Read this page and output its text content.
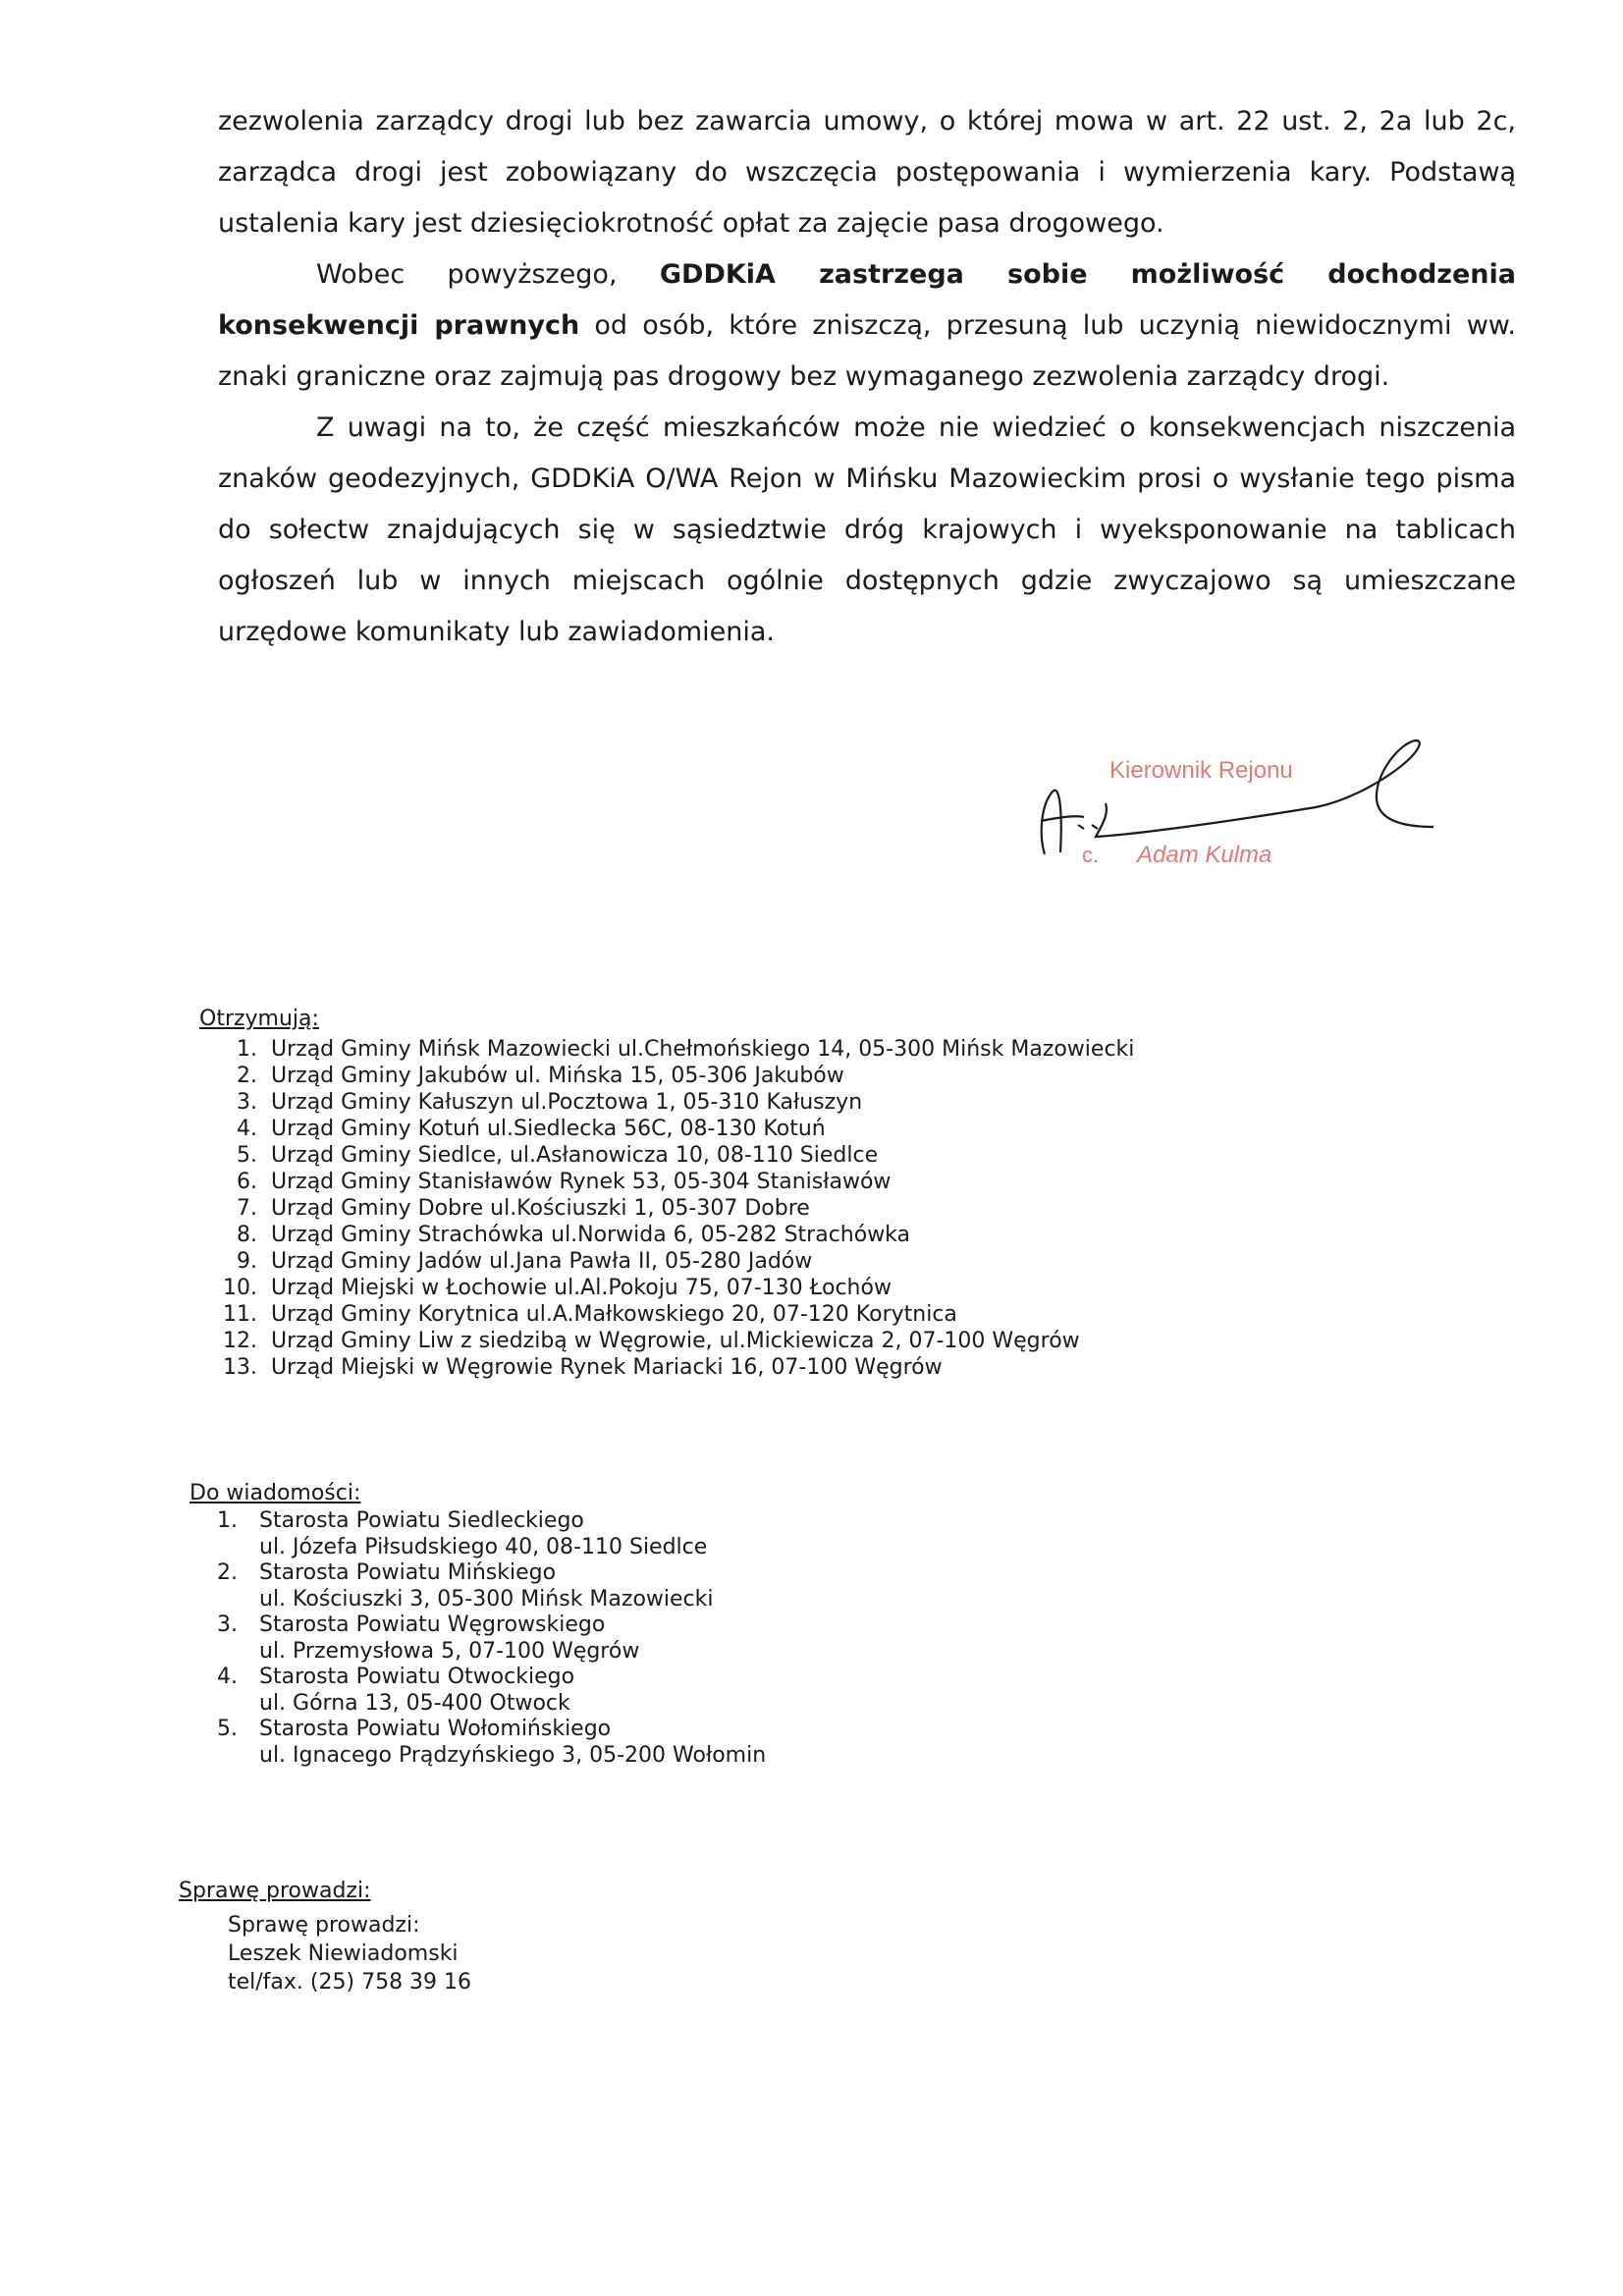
zezwolenia zarządcy drogi lub bez zawarcia umowy, o której mowa w art. 22 ust. 2, 2a lub 2c, zarządca drogi jest zobowiązany do wszczęcia postępowania i wymierzenia kary. Podstawą ustalenia kary jest dziesięciokrotność opłat za zajęcie pasa drogowego.

Wobec powyższego, GDDKiA zastrzega sobie możliwość dochodzenia konsekwencji prawnych od osób, które zniszczą, przesuną lub uczynią niewidocznymi ww. znaki graniczne oraz zajmują pas drogowy bez wymaganego zezwolenia zarządcy drogi.

Z uwagi na to, że część mieszkańców może nie wiedzieć o konsekwencjach niszczenia znaków geodezyjnych, GDDKiA O/WA Rejon w Mińsku Mazowieckim prosi o wysłanie tego pisma do sołectw znajdujących się w sąsiedztwie dróg krajowych i wyeksponowanie na tablicach ogłoszeń lub w innych miejscach ogólnie dostępnych gdzie zwyczajowo są umieszczane urzędowe komunikaty lub zawiadomienia.

Kierownik Rejonu
c. Adam Kulma
Otrzymują:
1. Urząd Gminy Mińsk Mazowiecki ul.Chełmońskiego 14, 05-300 Mińsk Mazowiecki
2. Urząd Gminy Jakubów ul. Mińska 15, 05-306 Jakubów
3. Urząd Gminy Kałuszyn ul.Pocztowa 1, 05-310 Kałuszyn
4. Urząd Gminy Kotuń ul.Siedlecka 56C, 08-130 Kotuń
5. Urząd Gminy Siedlce, ul.Asłanowicza 10, 08-110 Siedlce
6. Urząd Gminy Stanisławów Rynek 53, 05-304 Stanisławów
7. Urząd Gminy Dobre ul.Kościuszki 1, 05-307 Dobre
8. Urząd Gminy Strachówka ul.Norwida 6, 05-282 Strachówka
9. Urząd Gminy Jadów ul.Jana Pawła II, 05-280 Jadów
10. Urząd Miejski w Łochowie ul.Al.Pokoju 75, 07-130 Łochów
11. Urząd Gminy Korytnica ul.A.Małkowskiego 20, 07-120 Korytnica
12. Urząd Gminy Liw z siedzibą w Węgrowie, ul.Mickiewicza 2, 07-100 Węgrów
13. Urząd Miejski w Węgrowie Rynek Mariacki 16, 07-100 Węgrów
Do wiadomości:
1.	Starosta Powiatu Siedleckiego
ul. Józefa Piłsudskiego 40, 08-110 Siedlce
2.	Starosta Powiatu Mińskiego
ul. Kościuszki 3, 05-300 Mińsk Mazowiecki
3.	Starosta Powiatu Węgrowskiego
ul. Przemysłowa 5, 07-100 Węgrów
4.	Starosta Powiatu Otwockiego
ul. Górna 13, 05-400 Otwock
5.	Starosta Powiatu Wołomińskiego
ul. Ignacego Prądzyńskiego 3, 05-200 Wołomin
Sprawę prowadzi:
Sprawę prowadzi:
Leszek Niewiadomski
tel/fax. (25) 758 39 16
